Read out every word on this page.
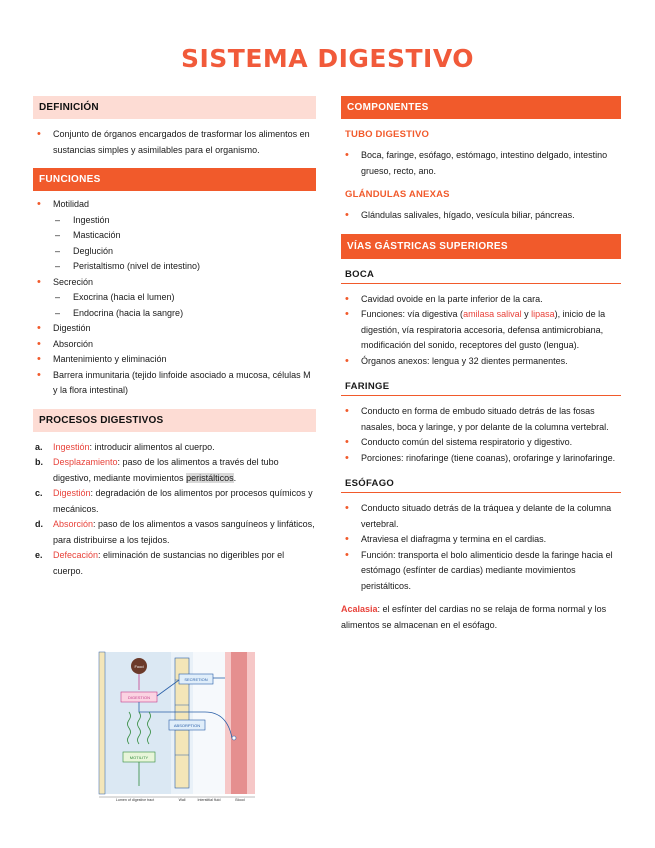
SISTEMA DIGESTIVO
DEFINICIÓN
• Conjunto de órganos encargados de trasformar los alimentos en sustancias simples y asimilables para el organismo.
FUNCIONES
• Motilidad
– Ingestión
– Masticación
– Deglución
– Peristaltismo (nivel de intestino)
• Secreción
– Exocrina (hacia el lumen)
– Endocrina (hacia la sangre)
• Digestión
• Absorción
• Mantenimiento y eliminación
• Barrera inmunitaria (tejido linfoide asociado a mucosa, células M y la flora intestinal)
PROCESOS DIGESTIVOS
a. Ingestión: introducir alimentos al cuerpo.
b. Desplazamiento: paso de los alimentos a través del tubo digestivo, mediante movimientos peristálticos.
c. Digestión: degradación de los alimentos por procesos químicos y mecánicos.
d. Absorción: paso de los alimentos a vasos sanguíneos y linfáticos, para distribuirse a los tejidos.
e. Defecación: eliminación de sustancias no digeribles por el cuerpo.
Food
DIGESTION
SECRETION
ABSORPTION
MOTILITY
Lumen of digestive tract	Wall	Interstitial fluid	Blood
COMPONENTES
TUBO DIGESTIVO
• Boca, faringe, esófago, estómago, intestino delgado, intestino grueso, recto, ano.
GLÁNDULAS ANEXAS
• Glándulas salivales, hígado, vesícula biliar, páncreas.
VÍAS GÁSTRICAS SUPERIORES
BOCA
• Cavidad ovoide en la parte inferior de la cara.
• Funciones: vía digestiva (amilasa salival y lipasa), inicio de la digestión, vía respiratoria accesoria, defensa antimicrobiana, modificación del sonido, receptores del gusto (lengua).
• Órganos anexos: lengua y 32 dientes permanentes.
FARINGE
• Conducto en forma de embudo situado detrás de las fosas nasales, boca y laringe, y por delante de la columna vertebral.
• Conducto común del sistema respiratorio y digestivo.
• Porciones: rinofaringe (tiene coanas), orofaringe y larinofaringe.
ESÓFAGO
• Conducto situado detrás de la tráquea y delante de la columna vertebral.
• Atraviesa el diafragma y termina en el cardias.
• Función: transporta el bolo alimenticio desde la faringe hacia el estómago (esfínter de cardias) mediante movimientos peristálticos.
Acalasia: el esfínter del cardias no se relaja de forma normal y los alimentos se almacenan en el esófago.
